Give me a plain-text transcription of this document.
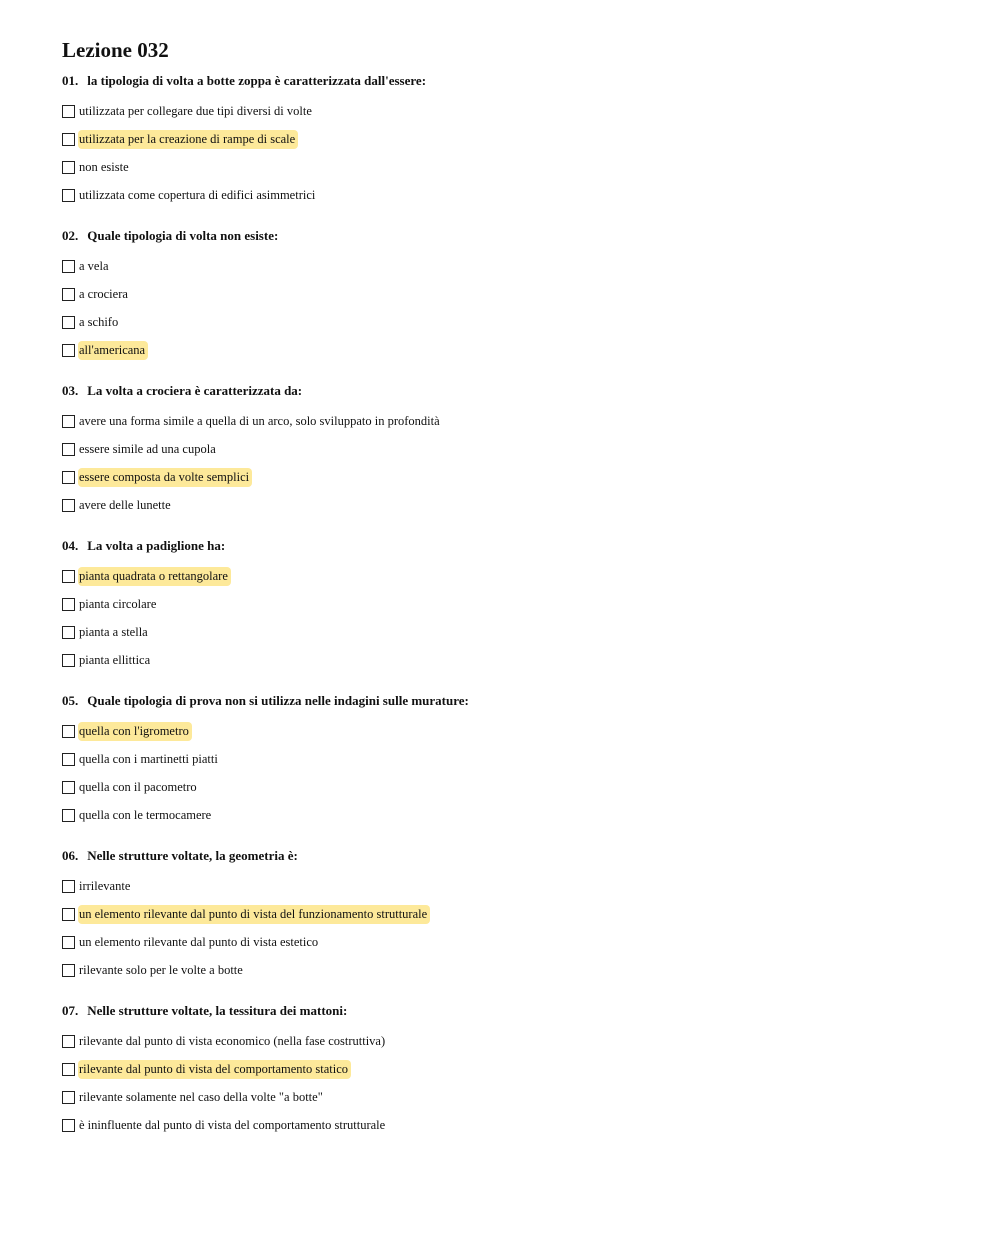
Lezione 032
01. la tipologia di volta a botte zoppa è caratterizzata dall'essere:
utilizzata per collegare due tipi diversi di volte
utilizzata per la creazione di rampe di scale
non esiste
utilizzata come copertura di edifici asimmetrici
02. Quale tipologia di volta non esiste:
a vela
a crociera
a schifo
all'americana
03. La volta a crociera è caratterizzata da:
avere una forma simile a quella di un arco, solo sviluppato in profondità
essere simile ad una cupola
essere composta da volte semplici
avere delle lunette
04. La volta a padiglione ha:
pianta quadrata o rettangolare
pianta circolare
pianta a stella
pianta ellittica
05. Quale tipologia di prova non si utilizza nelle indagini sulle murature:
quella con l'igrometro
quella con i martinetti piatti
quella con il pacometro
quella con le termocamere
06. Nelle strutture voltate, la geometria è:
irrilevante
un elemento rilevante dal punto di vista del funzionamento strutturale
un elemento rilevante dal punto di vista estetico
rilevante solo per le volte a botte
07. Nelle strutture voltate, la tessitura dei mattoni:
rilevante dal punto di vista economico (nella fase costruttiva)
rilevante dal punto di vista del comportamento statico
rilevante solamente nel caso della volte "a botte"
è ininfluente dal punto di vista del comportamento strutturale
